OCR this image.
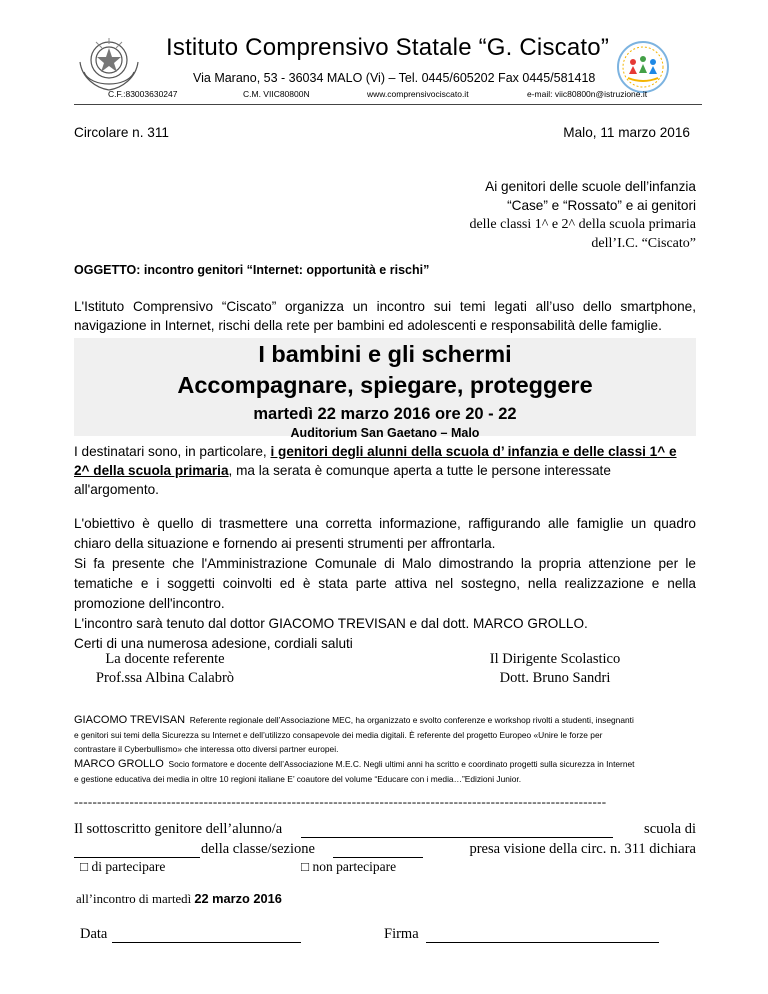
Istituto Comprensivo Statale “G. Ciscato”
Via Marano, 53 - 36034 MALO (Vi) – Tel. 0445/605202 Fax 0445/581418
C.F.:83003630247	C.M. VIIC80800N	www.comprensivociscato.it	e-mail: viic80800n@istruzione.it
Circolare n. 311	Malo, 11 marzo 2016
Ai genitori delle scuole dell’infanzia
“Case” e “Rossato” e ai genitori
delle classi 1^ e 2^ della scuola primaria
dell’I.C. “Ciscato”
OGGETTO: incontro genitori “Internet: opportunità e rischi”
L'Istituto Comprensivo “Ciscato” organizza un incontro sui temi legati all’uso dello smartphone,
navigazione in Internet, rischi della rete per bambini ed adolescenti e responsabilità delle famiglie.
I bambini e gli schermi
Accompagnare, spiegare, proteggere
martedì 22 marzo 2016 ore 20 - 22
Auditorium San Gaetano – Malo
I destinatari sono, in particolare, i genitori degli alunni della scuola d’ infanzia e delle classi 1^ e
2^ della scuola primaria, ma la serata è comunque aperta a tutte le persone interessate
all'argomento.
L'obiettivo è quello di trasmettere una corretta informazione, raffigurando alle famiglie un quadro
chiaro della situazione e fornendo ai presenti strumenti per affrontarla.
Si fa presente che l'Amministrazione Comunale di Malo dimostrando la propria attenzione per le
tematiche e i soggetti coinvolti ed è stata parte attiva nel sostegno, nella realizzazione e nella
promozione dell'incontro.
L'incontro sarà tenuto dal dottor GIACOMO TREVISAN e dal dott. MARCO GROLLO.
Certi di una numerosa adesione, cordiali saluti
La docente referente
Prof.ssa Albina Calabrò
Il Dirigente Scolastico
Dott. Bruno Sandri
GIACOMO TREVISAN Referente regionale dell’Associazione MEC, ha organizzato e svolto conferenze e workshop rivolti a studenti, insegnanti
e genitori sui temi della Sicurezza su Internet e dell’utilizzo consapevole dei media digitali. È referente del progetto Europeo «Unire le forze per
contrastare il Cyberbullismo» che interessa otto diversi partner europei.
MARCO GROLLO Socio formatore e docente dell’Associazione M.E.C. Negli ultimi anni ha scritto e coordinato progetti sulla sicurezza in Internet
e gestione educativa dei media in oltre 10 regioni italiane E’ coautore del volume “Educare con i media…”Edizioni Junior.
-------------------------------------------------------------------------------------------------------------------
Il sottoscritto genitore dell’alunno/a	scuola di
della classe/sezione	presa visione della circ. n. 311 dichiara
□ di partecipare	□ non partecipare
all’incontro di martedì 22 marzo 2016
Data	Firma
